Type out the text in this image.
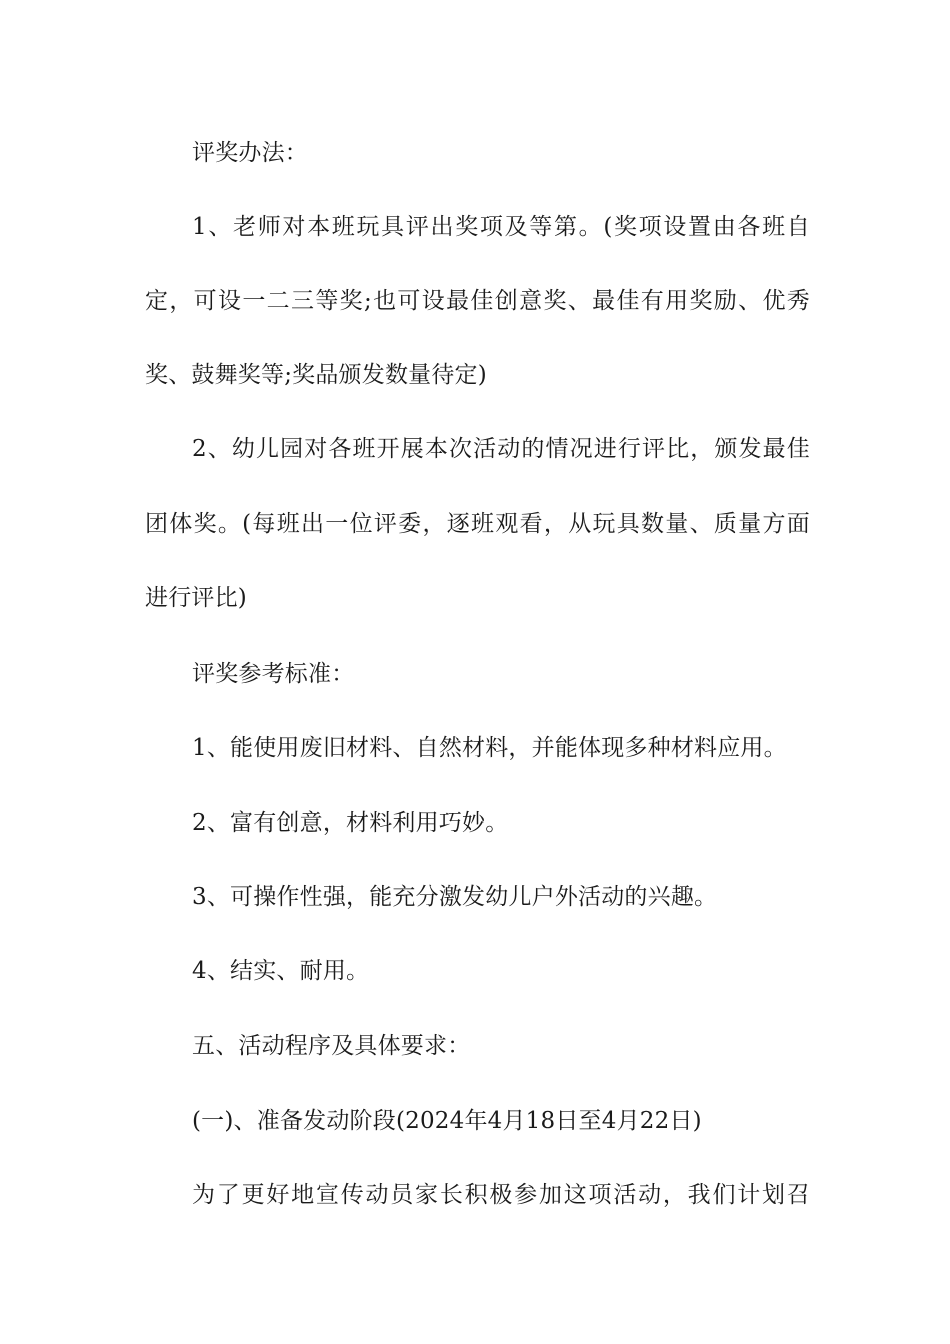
评奖办法：
1、老师对本班玩具评出奖项及等第。(奖项设置由各班自
定，可设一二三等奖;也可设最佳创意奖、最佳有用奖励、优秀
奖、鼓舞奖等;奖品颁发数量待定)
2、幼儿园对各班开展本次活动的情况进行评比，颁发最佳
团体奖。(每班出一位评委，逐班观看，从玩具数量、质量方面
进行评比)
评奖参考标准：
1、能使用废旧材料、自然材料，并能体现多种材料应用。
2、富有创意，材料利用巧妙。
3、可操作性强，能充分激发幼儿户外活动的兴趣。
4、结实、耐用。
五、活动程序及具体要求：
(一)、准备发动阶段(2024年4月18日至4月22日)
为了更好地宣传动员家长积极参加这项活动，我们计划召
